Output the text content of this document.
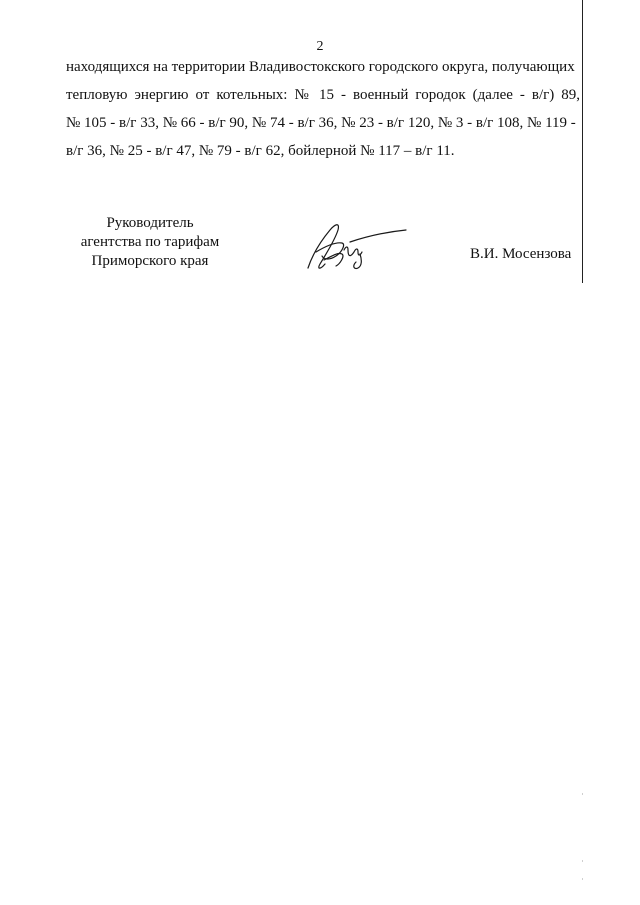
2

находящихся на территории Владивостокского городского округа, получающих
тепловую энергию от котельных: № 15 - военный городок (далее - в/г) 89,
№ 105 - в/г 33, № 66 - в/г 90, № 74 - в/г 36, № 23 - в/г 120, № 3 - в/г 108, № 119 -
в/г 36, № 25 - в/г 47, № 79 - в/г 62, бойлерной № 117 – в/г 11.

Руководитель
агентства по тарифам
Приморского края	В.И. Мосензова
